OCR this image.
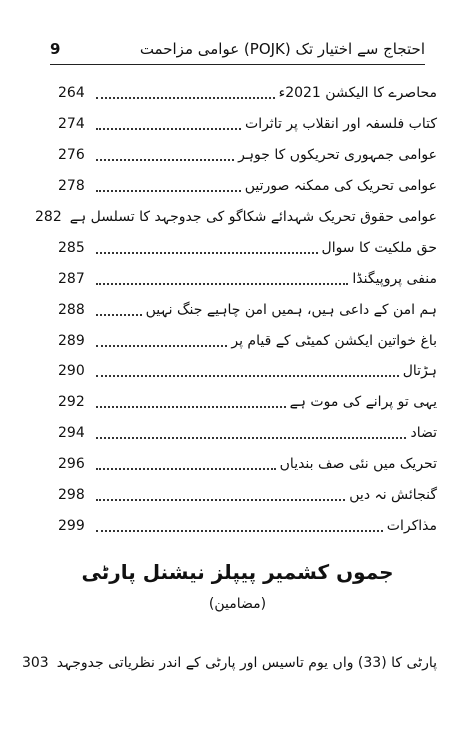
9	احتجاج سے اختیار تک (POJK) عوامی مزاحمت
محاصرے کا الیکشن 2021ء
264
کتاب فلسفہ اور انقلاب پر تاثرات
274
عوامی جمہوری تحریکوں کا جوہر
276
عوامی تحریک کی ممکنہ صورتیں
278
عوامی حقوق تحریک شہدائے شکاگو کی جدوجہد کا تسلسل ہے
282
حق ملکیت کا سوال
285
منفی پروپیگنڈا
287
ہم امن کے داعی ہیں، ہمیں امن چاہیے جنگ نہیں
288
باغ خواتین ایکشن کمیٹی کے قیام پر
289
ہڑتال
290
یہی تو پرانے کی موت ہے
292
تضاد
294
تحریک میں نئی صف بندیاں
296
گنجائش نہ دیں
298
مذاکرات
299
جموں کشمیر پیپلز نیشنل پارٹی
(مضامین)
پارٹی کا (33) واں یوم تاسیس اور پارٹی کے اندر نظریاتی جدوجہد
303
